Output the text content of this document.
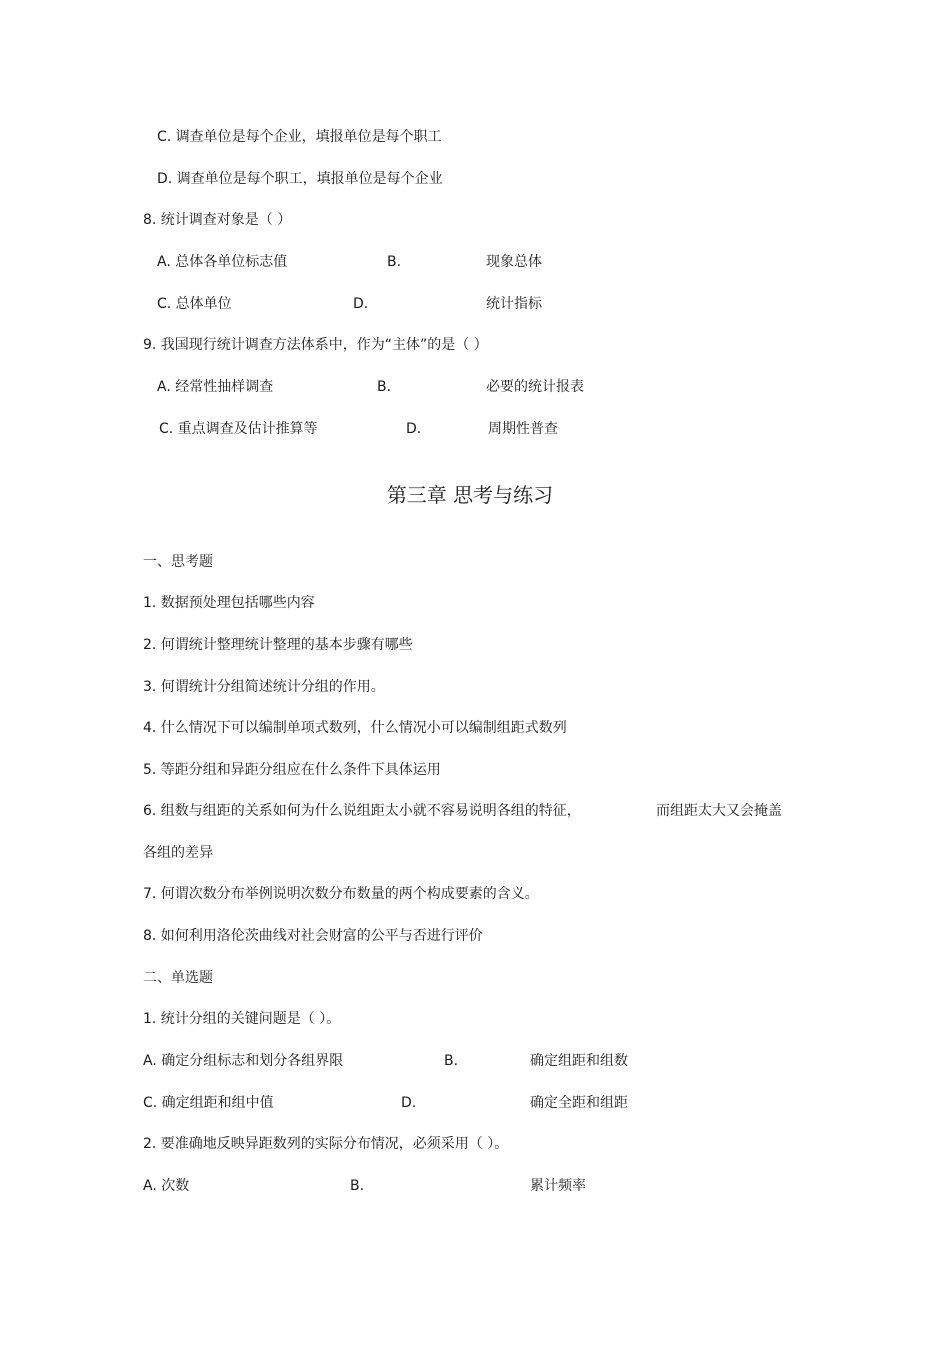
C. 调查单位是每个企业，填报单位是每个职工
D. 调查单位是每个职工，填报单位是每个企业
8. 统计调查对象是（ ）
A. 总体各单位标志值	B.	现象总体
C. 总体单位	D.	统计指标
9. 我国现行统计调查方法体系中，作为“主体”的是（ ）
A. 经常性抽样调查	B.	必要的统计报表
C. 重点调查及估计推算等	D.	周期性普查
第三章 思考与练习
一、思考题
1. 数据预处理包括哪些内容
2. 何谓统计整理统计整理的基本步骤有哪些
3. 何谓统计分组简述统计分组的作用。
4. 什么情况下可以编制单项式数列，什么情况小可以编制组距式数列
5. 等距分组和异距分组应在什么条件下具体运用
6. 组数与组距的关系如何为什么说组距太小就不容易说明各组的特征，	而组距太大又会掩盖
各组的差异
7. 何谓次数分布举例说明次数分布数量的两个构成要素的含义。
8. 如何利用洛伦茨曲线对社会财富的公平与否进行评价
二、单选题
1. 统计分组的关键问题是（ ）。
A. 确定分组标志和划分各组界限	B.	确定组距和组数
C. 确定组距和组中值	D.	确定全距和组距
2. 要准确地反映异距数列的实际分布情况，必须采用（ ）。
A. 次数	B.	累计频率
